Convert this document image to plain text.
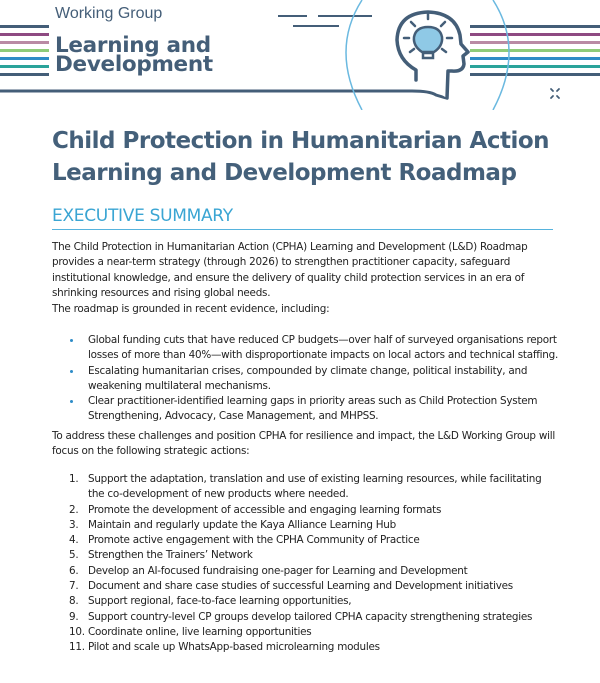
Working Group
Learning and
Development
Child Protection in Humanitarian Action Learning and Development Roadmap
EXECUTIVE SUMMARY

The Child Protection in Humanitarian Action (CPHA) Learning and Development (L&D) Roadmap provides a near-term strategy (through 2026) to strengthen practitioner capacity, safeguard institutional knowledge, and ensure the delivery of quality child protection services in an era of shrinking resources and rising global needs.

The roadmap is grounded in recent evidence, including:

Global funding cuts that have reduced CP budgets—over half of surveyed organisations report losses of more than 40%—with disproportionate impacts on local actors and technical staffing.
Escalating humanitarian crises, compounded by climate change, political instability, and weakening multilateral mechanisms.
Clear practitioner-identified learning gaps in priority areas such as Child Protection System Strengthening, Advocacy, Case Management, and MHPSS.

To address these challenges and position CPHA for resilience and impact, the L&D Working Group will focus on the following strategic actions:

1. Support the adaptation, translation and use of existing learning resources, while facilitating the co-development of new products where needed.
2. Promote the development of accessible and engaging learning formats
3. Maintain and regularly update the Kaya Alliance Learning Hub
4. Promote active engagement with the CPHA Community of Practice
5. Strengthen the Trainers’ Network
6. Develop an AI-focused fundraising one-pager for Learning and Development
7. Document and share case studies of successful Learning and Development initiatives
8. Support regional, face-to-face learning opportunities,
9. Support country-level CP groups develop tailored CPHA capacity strengthening strategies
10. Coordinate online, live learning opportunities
11. Pilot and scale up WhatsApp-based microlearning modules
